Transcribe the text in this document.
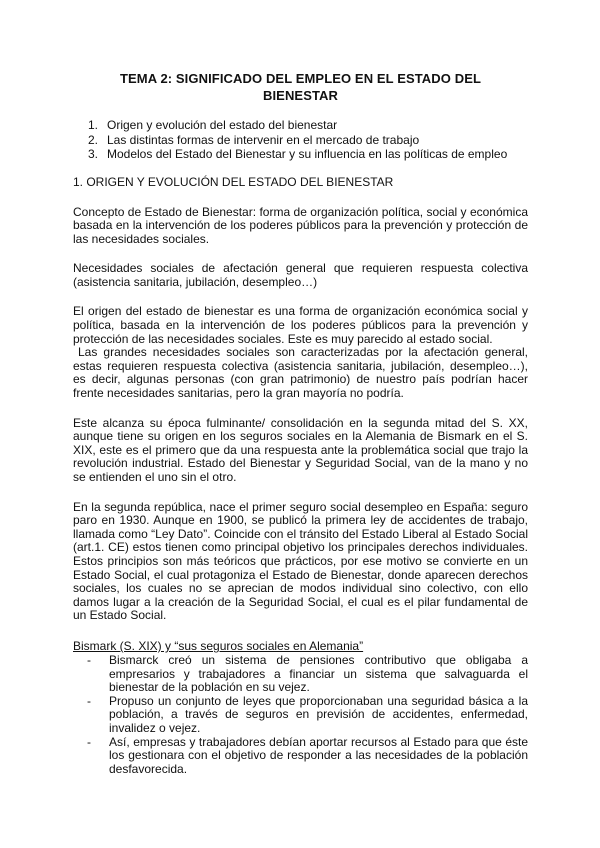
TEMA 2: SIGNIFICADO DEL EMPLEO EN EL ESTADO DEL
BIENESTAR
1. Origen y evolución del estado del bienestar
2. Las distintas formas de intervenir en el mercado de trabajo
3. Modelos del Estado del Bienestar y su influencia en las políticas de empleo
1. ORIGEN Y EVOLUCIÓN DEL ESTADO DEL BIENESTAR

Concepto de Estado de Bienestar: forma de organización política, social y económica basada en la intervención de los poderes públicos para la prevención y protección de las necesidades sociales.

Necesidades sociales de afectación general que requieren respuesta colectiva (asistencia sanitaria, jubilación, desempleo…)

El origen del estado de bienestar es una forma de organización económica social y política, basada en la intervención de los poderes públicos para la prevención y protección de las necesidades sociales. Este es muy parecido al estado social.

Las grandes necesidades sociales son caracterizadas por la afectación general, estas requieren respuesta colectiva (asistencia sanitaria, jubilación, desempleo…), es decir, algunas personas (con gran patrimonio) de nuestro país podrían hacer frente necesidades sanitarias, pero la gran mayoría no podría.

Este alcanza su época fulminante/ consolidación en la segunda mitad del S. XX, aunque tiene su origen en los seguros sociales en la Alemania de Bismark en el S. XIX, este es el primero que da una respuesta ante la problemática social que trajo la revolución industrial. Estado del Bienestar y Seguridad Social, van de la mano y no se entienden el uno sin el otro.

En la segunda república, nace el primer seguro social desempleo en España: seguro paro en 1930. Aunque en 1900, se publicó la primera ley de accidentes de trabajo, llamada como “Ley Dato”. Coincide con el tránsito del Estado Liberal al Estado Social (art.1. CE) estos tienen como principal objetivo los principales derechos individuales. Estos principios son más teóricos que prácticos, por ese motivo se convierte en un Estado Social, el cual protagoniza el Estado de Bienestar, donde aparecen derechos sociales, los cuales no se aprecian de modos individual sino colectivo, con ello damos lugar a la creación de la Seguridad Social, el cual es el pilar fundamental de un Estado Social.

Bismark (S. XIX) y “sus seguros sociales en Alemania”
-	Bismarck creó un sistema de pensiones contributivo que obligaba a empresarios y trabajadores a financiar un sistema que salvaguarda el bienestar de la población en su vejez.
-	Propuso un conjunto de leyes que proporcionaban una seguridad básica a la población, a través de seguros en previsión de accidentes, enfermedad, invalidez o vejez.
-	Así, empresas y trabajadores debían aportar recursos al Estado para que éste los gestionara con el objetivo de responder a las necesidades de la población desfavorecida.
